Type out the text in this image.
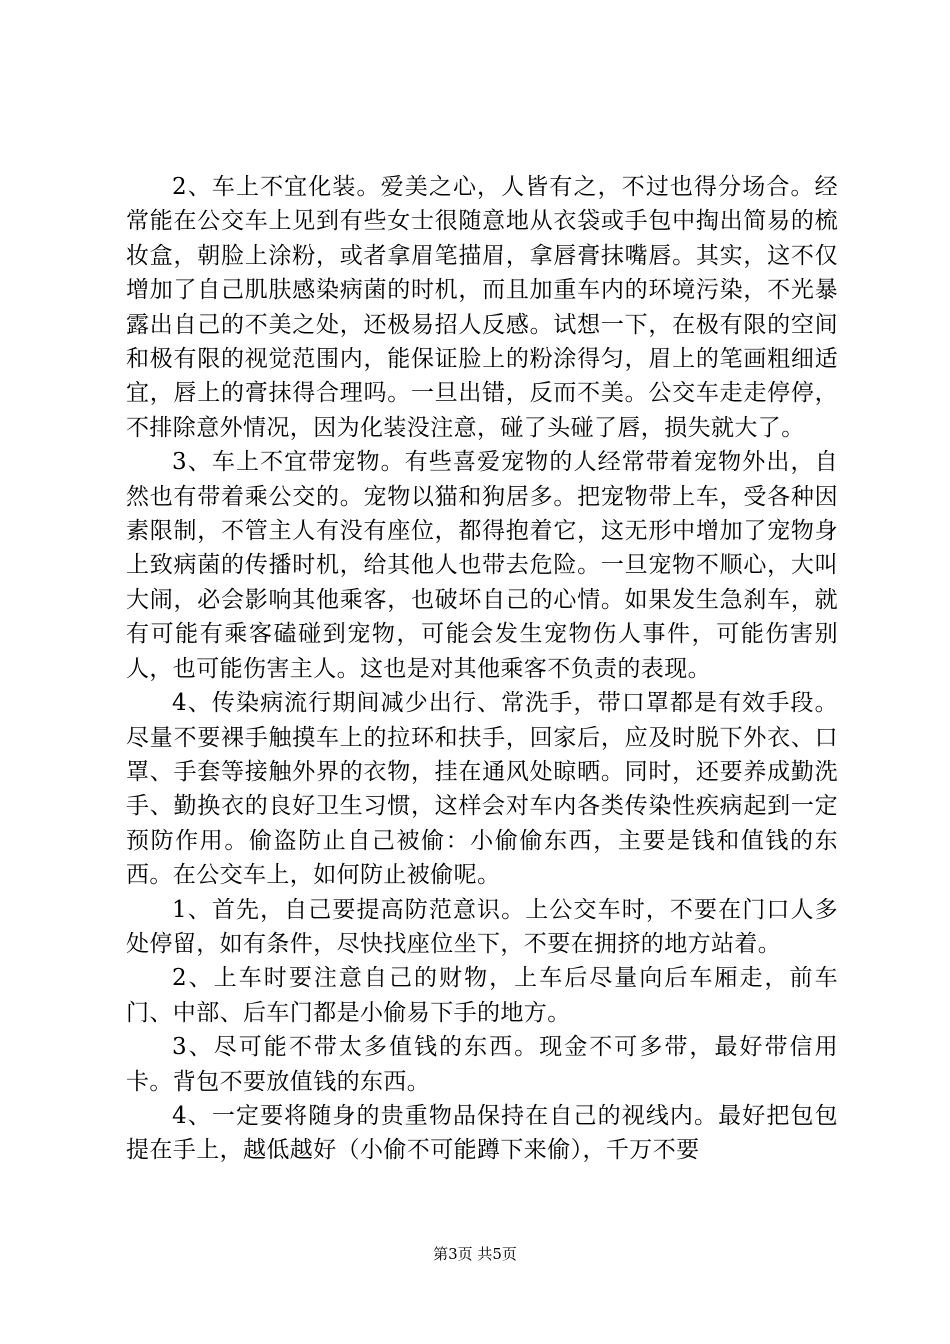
2、车上不宜化装。爱美之心，人皆有之，不过也得分场合。经常能在公交车上见到有些女士很随意地从衣袋或手包中掏出简易的梳妆盒，朝脸上涂粉，或者拿眉笔描眉，拿唇膏抹嘴唇。其实，这不仅增加了自己肌肤感染病菌的时机，而且加重车内的环境污染，不光暴露出自己的不美之处，还极易招人反感。试想一下，在极有限的空间和极有限的视觉范围内，能保证脸上的粉涂得匀，眉上的笔画粗细适宜，唇上的膏抹得合理吗。一旦出错，反而不美。公交车走走停停，不排除意外情况，因为化装没注意，碰了头碰了唇，损失就大了。

3、车上不宜带宠物。有些喜爱宠物的人经常带着宠物外出，自然也有带着乘公交的。宠物以猫和狗居多。把宠物带上车，受各种因素限制，不管主人有没有座位，都得抱着它，这无形中增加了宠物身上致病菌的传播时机，给其他人也带去危险。一旦宠物不顺心，大叫大闹，必会影响其他乘客，也破坏自己的心情。如果发生急刹车，就有可能有乘客磕碰到宠物，可能会发生宠物伤人事件，可能伤害别人，也可能伤害主人。这也是对其他乘客不负责的表现。

4、传染病流行期间减少出行、常洗手，带口罩都是有效手段。尽量不要裸手触摸车上的拉环和扶手，回家后，应及时脱下外衣、口罩、手套等接触外界的衣物，挂在通风处晾晒。同时，还要养成勤洗手、勤换衣的良好卫生习惯，这样会对车内各类传染性疾病起到一定预防作用。偷盗防止自己被偷：小偷偷东西，主要是钱和值钱的东西。在公交车上，如何防止被偷呢。

1、首先，自己要提高防范意识。上公交车时，不要在门口人多处停留，如有条件，尽快找座位坐下，不要在拥挤的地方站着。

2、上车时要注意自己的财物，上车后尽量向后车厢走，前车门、中部、后车门都是小偷易下手的地方。

3、尽可能不带太多值钱的东西。现金不可多带，最好带信用卡。背包不要放值钱的东西。

4、一定要将随身的贵重物品保持在自己的视线内。最好把包包提在手上，越低越好（小偷不可能蹲下来偷），千万不要

第3页 共5页
